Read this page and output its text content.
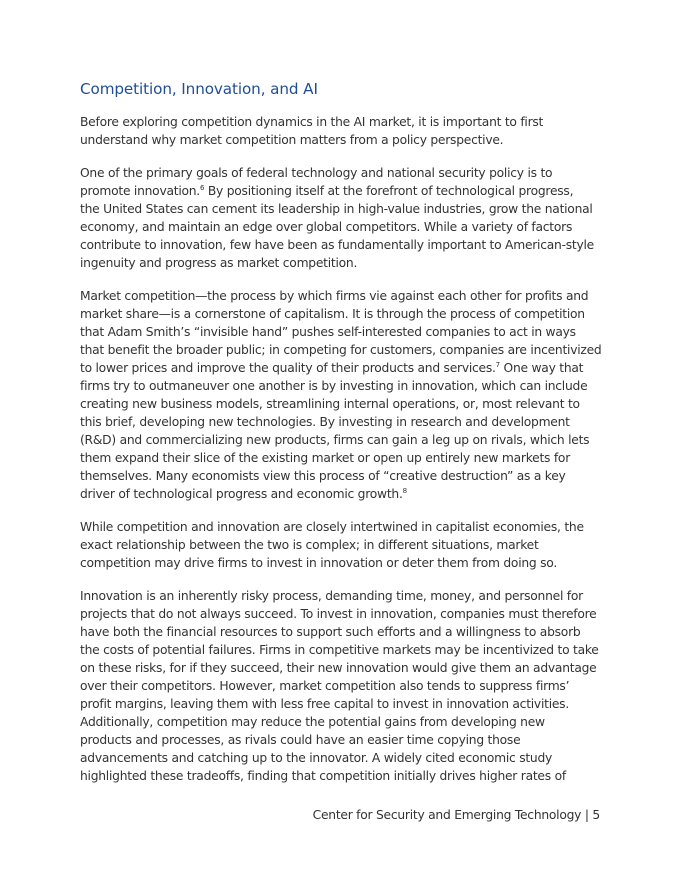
Competition, Innovation, and AI

Before exploring competition dynamics in the AI market, it is important to first
understand why market competition matters from a policy perspective.

One of the primary goals of federal technology and national security policy is to
promote innovation.$^6$ By positioning itself at the forefront of technological progress,
the United States can cement its leadership in high-value industries, grow the national
economy, and maintain an edge over global competitors. While a variety of factors
contribute to innovation, few have been as fundamentally important to American-style
ingenuity and progress as market competition.

Market competition—the process by which firms vie against each other for profits and
market share—is a cornerstone of capitalism. It is through the process of competition
that Adam Smith’s “invisible hand” pushes self-interested companies to act in ways
that benefit the broader public; in competing for customers, companies are incentivized
to lower prices and improve the quality of their products and services.$^7$ One way that
firms try to outmaneuver one another is by investing in innovation, which can include
creating new business models, streamlining internal operations, or, most relevant to
this brief, developing new technologies. By investing in research and development
(R&D) and commercializing new products, firms can gain a leg up on rivals, which lets
them expand their slice of the existing market or open up entirely new markets for
themselves. Many economists view this process of “creative destruction” as a key
driver of technological progress and economic growth.$^8$

While competition and innovation are closely intertwined in capitalist economies, the
exact relationship between the two is complex; in different situations, market
competition may drive firms to invest in innovation or deter them from doing so.

Innovation is an inherently risky process, demanding time, money, and personnel for
projects that do not always succeed. To invest in innovation, companies must therefore
have both the financial resources to support such efforts and a willingness to absorb
the costs of potential failures. Firms in competitive markets may be incentivized to take
on these risks, for if they succeed, their new innovation would give them an advantage
over their competitors. However, market competition also tends to suppress firms’
profit margins, leaving them with less free capital to invest in innovation activities.
Additionally, competition may reduce the potential gains from developing new
products and processes, as rivals could have an easier time copying those
advancements and catching up to the innovator. A widely cited economic study
highlighted these tradeoffs, finding that competition initially drives higher rates of

Center for Security and Emerging Technology | 5
